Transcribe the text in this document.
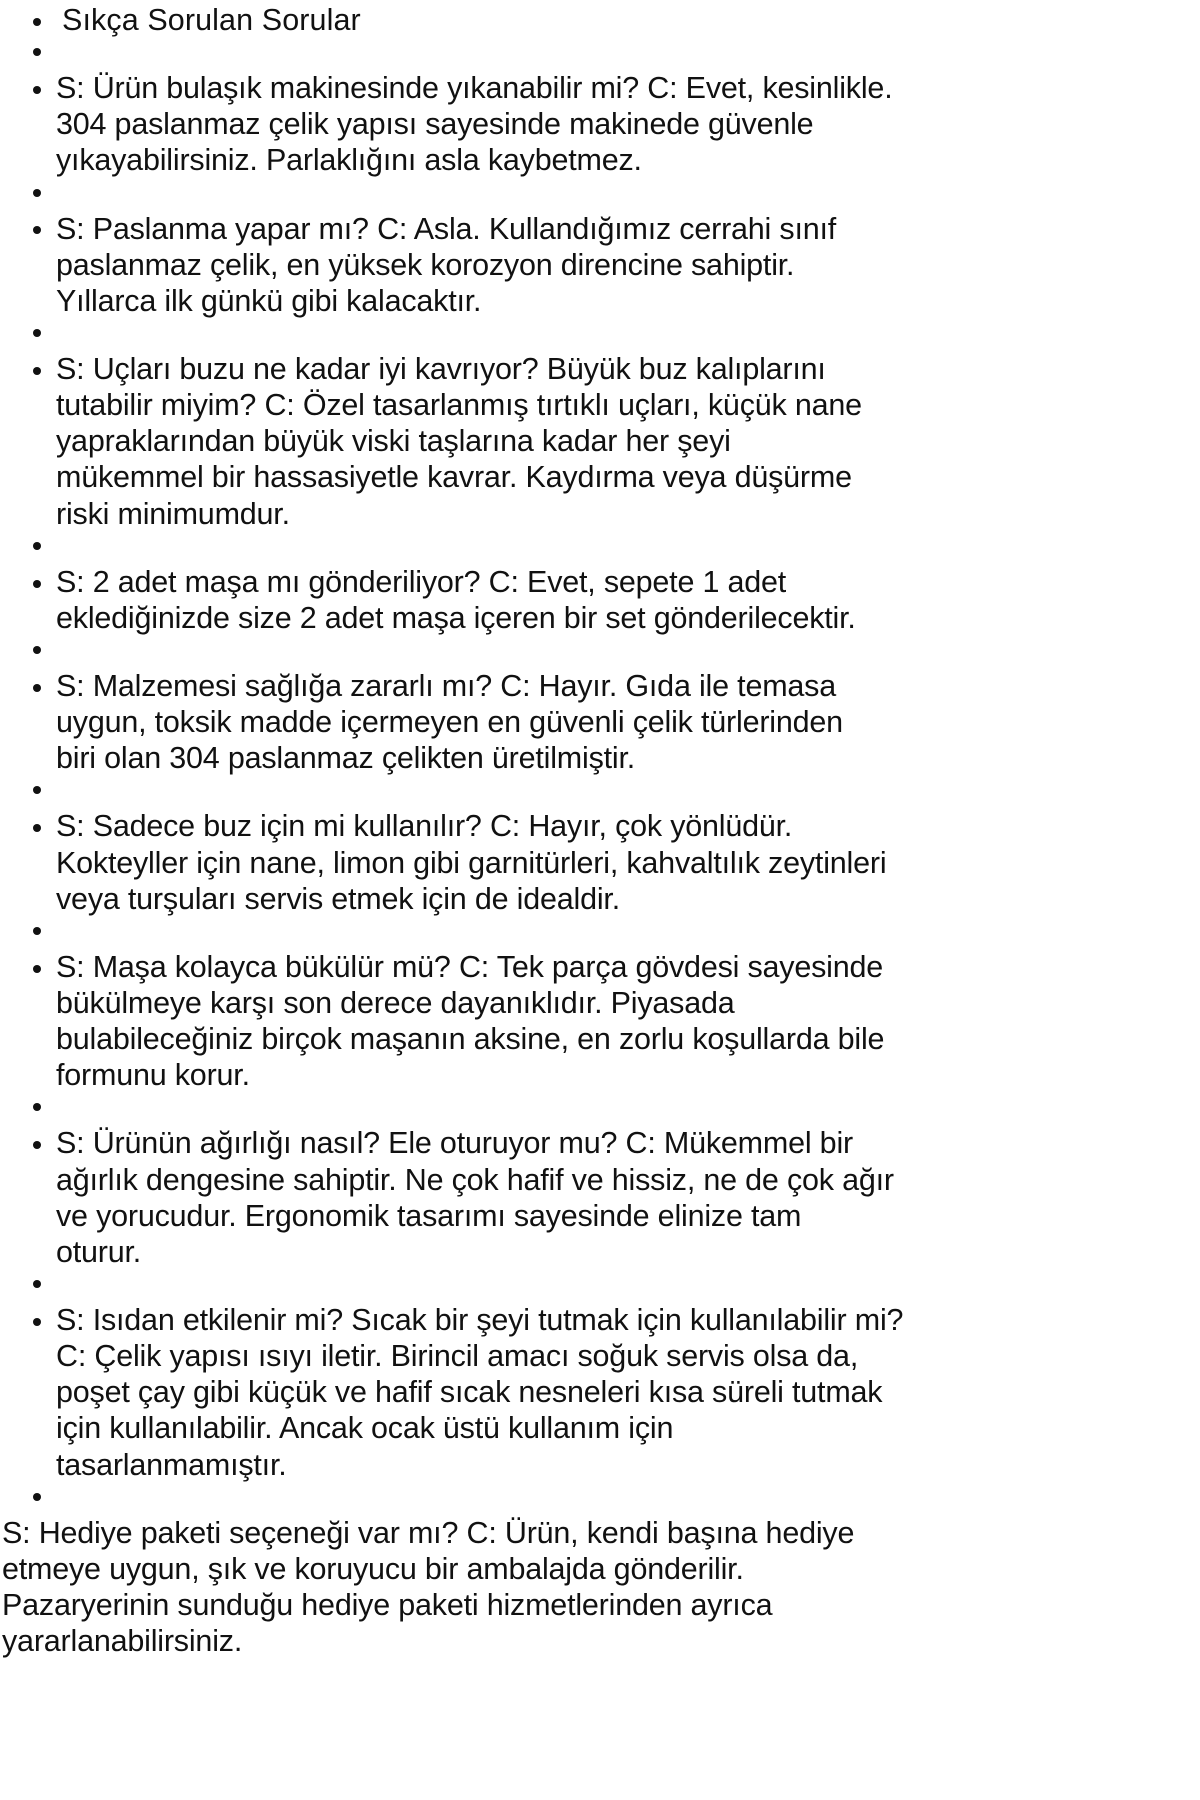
Sıkça Sorulan Sorular
S: Ürün bulaşık makinesinde yıkanabilir mi? C: Evet, kesinlikle.
304 paslanmaz çelik yapısı sayesinde makinede güvenle
yıkayabilirsiniz. Parlaklığını asla kaybetmez.
S: Paslanma yapar mı? C: Asla. Kullandığımız cerrahi sınıf
paslanmaz çelik, en yüksek korozyon direncine sahiptir.
Yıllarca ilk günkü gibi kalacaktır.
S: Uçları buzu ne kadar iyi kavrıyor? Büyük buz kalıplarını
tutabilir miyim? C: Özel tasarlanmış tırtıklı uçları, küçük nane
yapraklarından büyük viski taşlarına kadar her şeyi
mükemmel bir hassasiyetle kavrar. Kaydırma veya düşürme
riski minimumdur.
S: 2 adet maşa mı gönderiliyor? C: Evet, sepete 1 adet
eklediğinizde size 2 adet maşa içeren bir set gönderilecektir.
S: Malzemesi sağlığa zararlı mı? C: Hayır. Gıda ile temasa
uygun, toksik madde içermeyen en güvenli çelik türlerinden
biri olan 304 paslanmaz çelikten üretilmiştir.
S: Sadece buz için mi kullanılır? C: Hayır, çok yönlüdür.
Kokteyller için nane, limon gibi garnitürleri, kahvaltılık zeytinleri
veya turşuları servis etmek için de idealdir.
S: Maşa kolayca bükülür mü? C: Tek parça gövdesi sayesinde
bükülmeye karşı son derece dayanıklıdır. Piyasada
bulabileceğiniz birçok maşanın aksine, en zorlu koşullarda bile
formunu korur.
S: Ürünün ağırlığı nasıl? Ele oturuyor mu? C: Mükemmel bir
ağırlık dengesine sahiptir. Ne çok hafif ve hissiz, ne de çok ağır
ve yorucudur. Ergonomik tasarımı sayesinde elinize tam
oturur.
S: Isıdan etkilenir mi? Sıcak bir şeyi tutmak için kullanılabilir mi?
C: Çelik yapısı ısıyı iletir. Birincil amacı soğuk servis olsa da,
poşet çay gibi küçük ve hafif sıcak nesneleri kısa süreli tutmak
için kullanılabilir. Ancak ocak üstü kullanım için
tasarlanmamıştır.
S: Hediye paketi seçeneği var mı? C: Ürün, kendi başına hediye
etmeye uygun, şık ve koruyucu bir ambalajda gönderilir.
Pazaryerinin sunduğu hediye paketi hizmetlerinden ayrıca
yararlanabilirsiniz.
